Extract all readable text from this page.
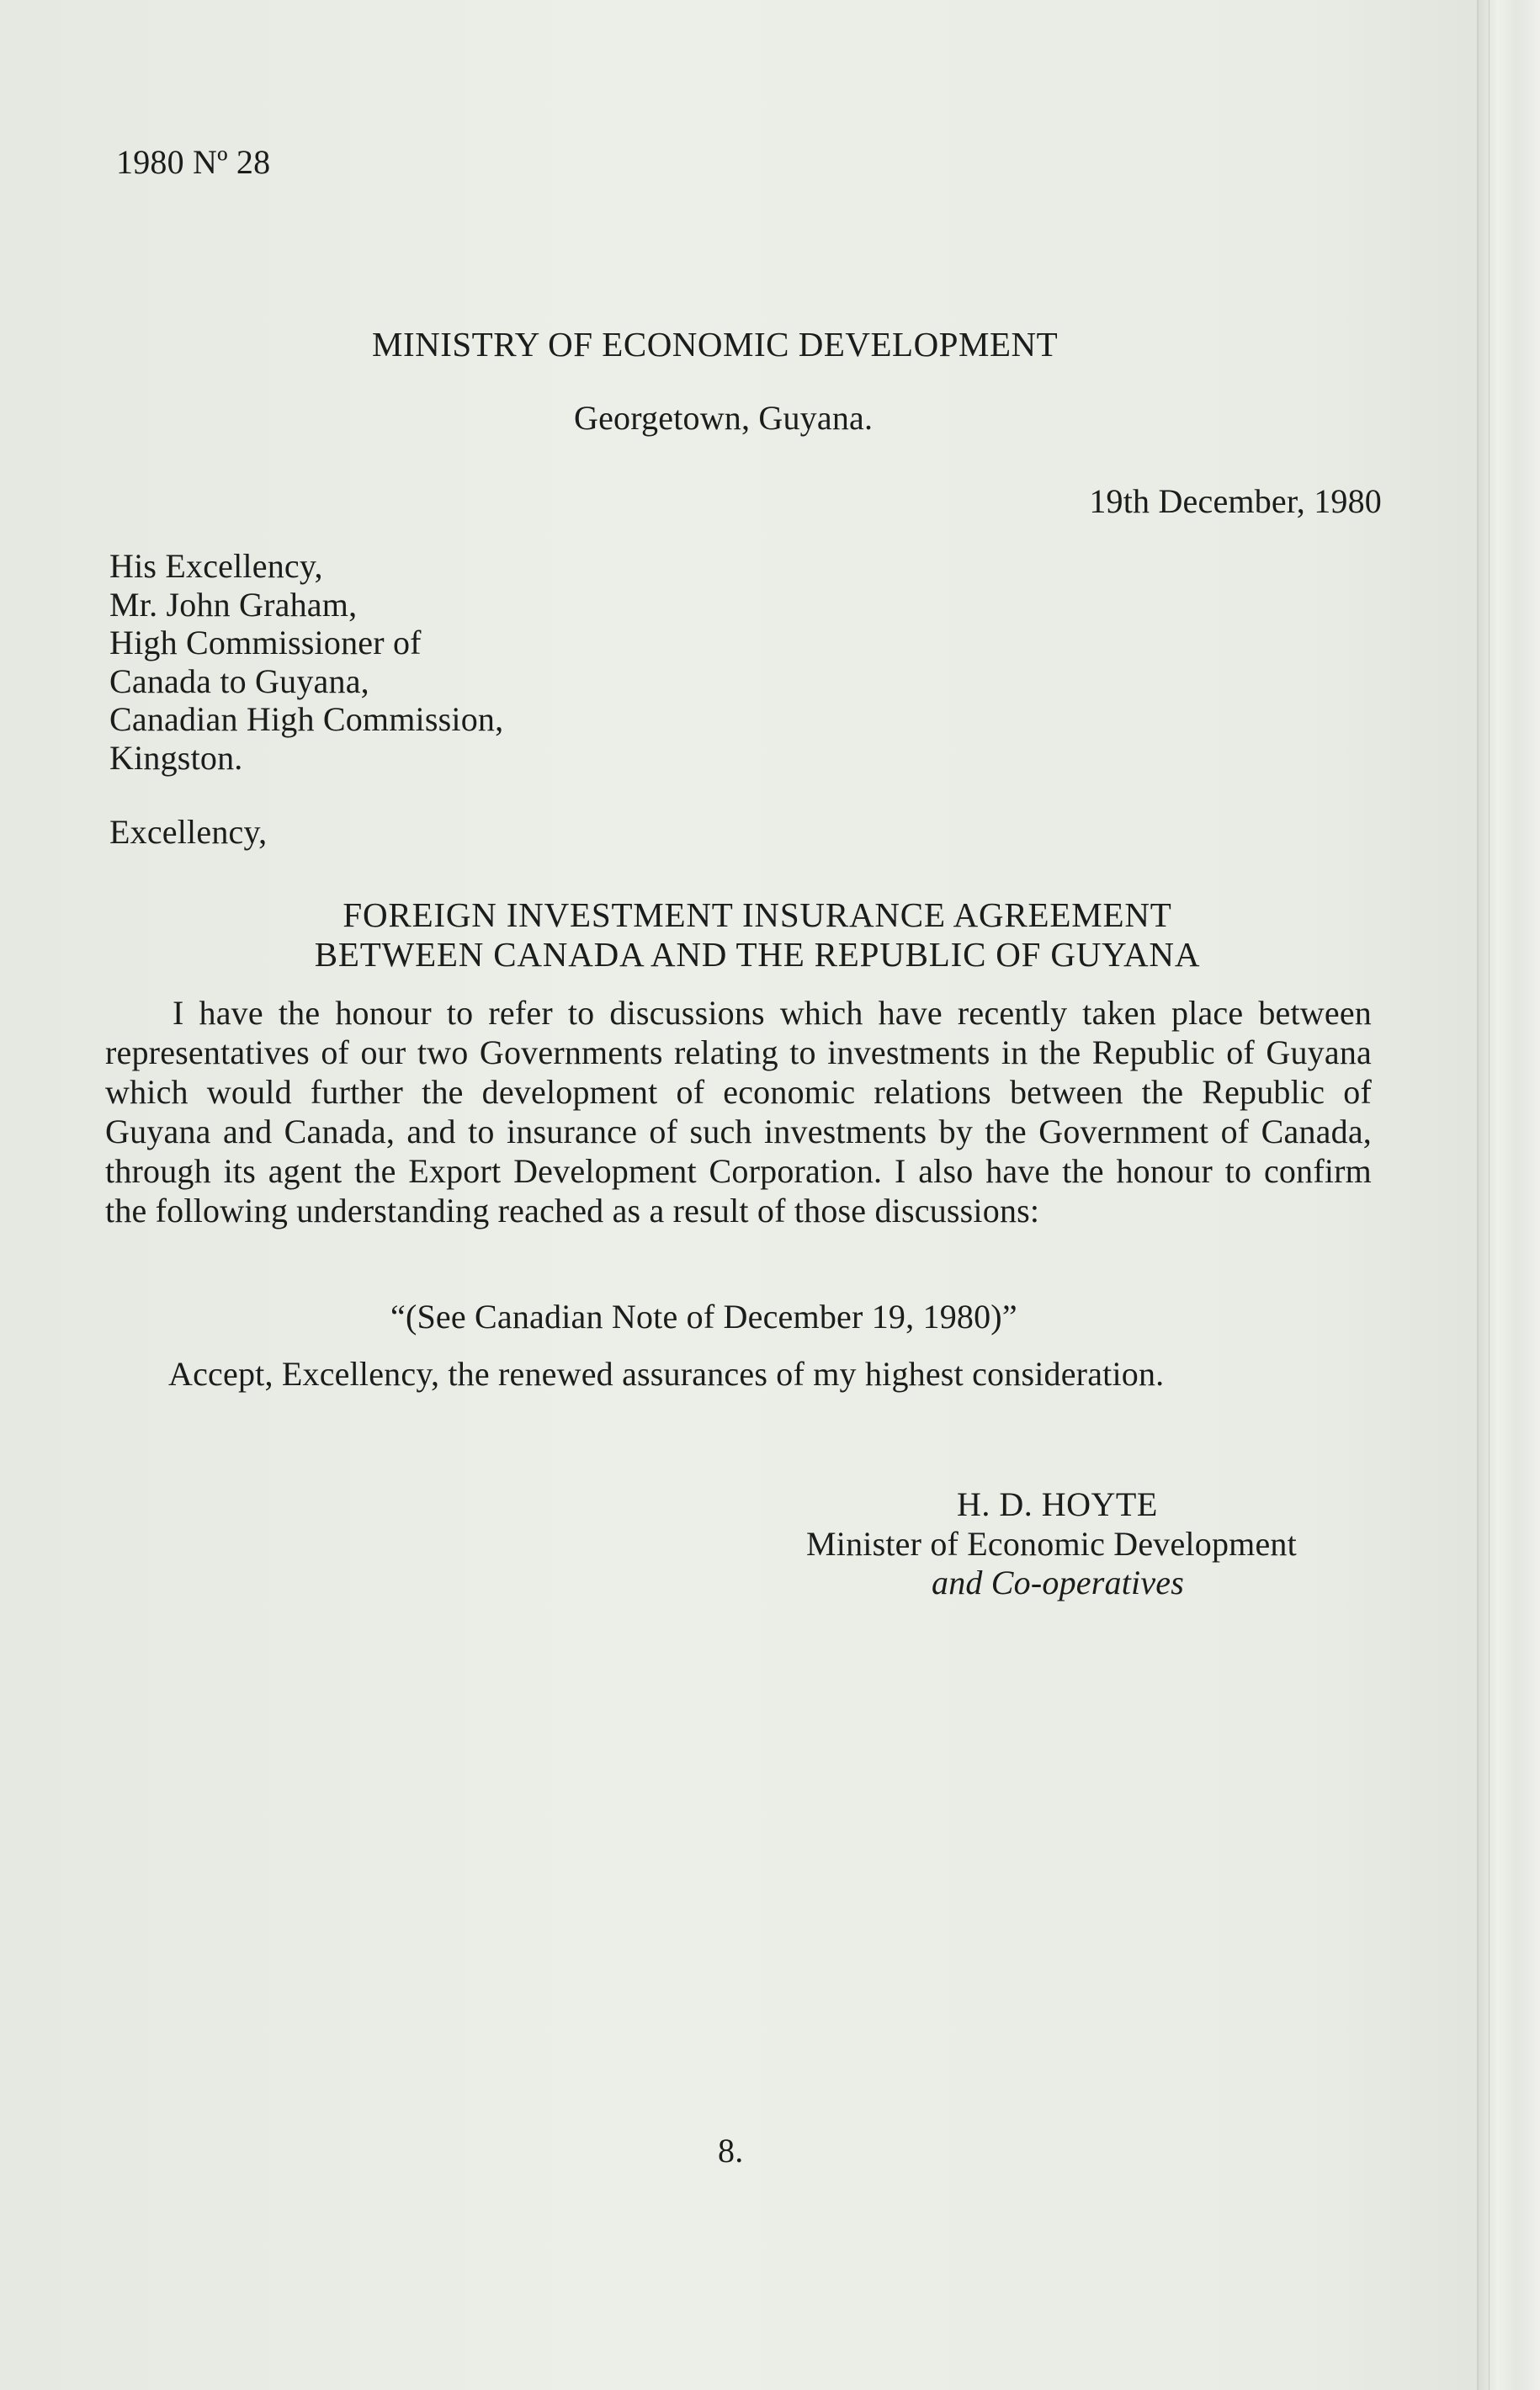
1980 Nº 28
MINISTRY OF ECONOMIC DEVELOPMENT
Georgetown, Guyana.
19th December, 1980
His Excellency,
Mr. John Graham,
High Commissioner of
Canada to Guyana,
Canadian High Commission,
Kingston.
Excellency,
FOREIGN INVESTMENT INSURANCE AGREEMENT
BETWEEN CANADA AND THE REPUBLIC OF GUYANA
I have the honour to refer to discussions which have recently taken place between representatives of our two Governments relating to investments in the Republic of Guyana which would further the development of economic relations between the Republic of Guyana and Canada, and to insurance of such investments by the Government of Canada, through its agent the Export Development Corporation. I also have the honour to confirm the following understanding reached as a result of those discussions:
“(See Canadian Note of December 19, 1980)”
Accept, Excellency, the renewed assurances of my highest consideration.
H. D. HOYTE
Minister of Economic Development
and Co-operatives
8.
